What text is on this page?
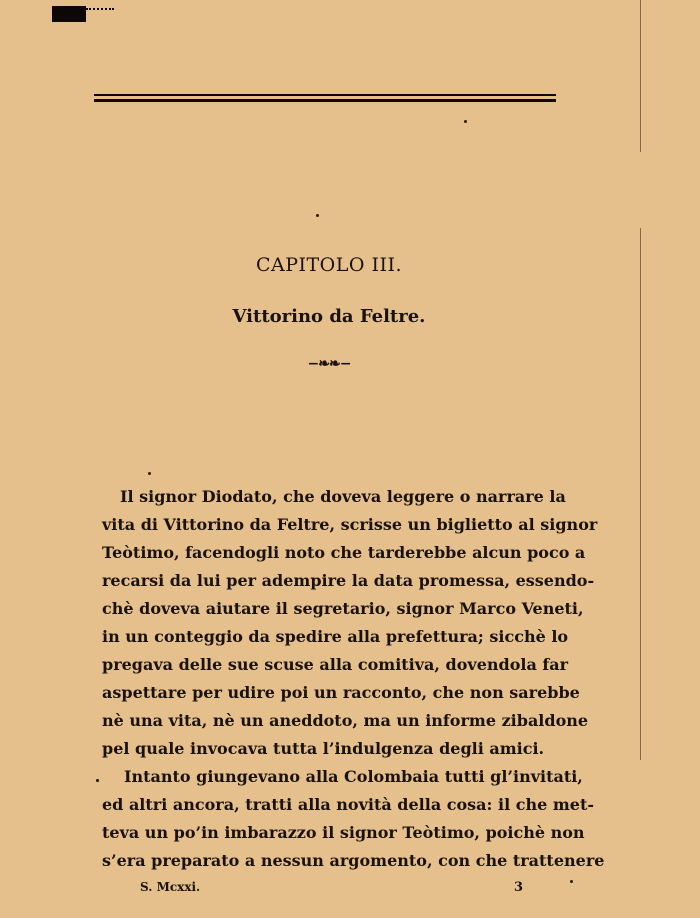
CAPITOLO III.
Vittorino da Feltre.
−❧❧−
Il signor Diodato, che doveva leggere o narrare la
vita di Vittorino da Feltre, scrisse un biglietto al signor
Teòtimo, facendogli noto che tarderebbe alcun poco a
recarsi da lui per adempire la data promessa, essendo-
chè doveva aiutare il segretario, signor Marco Veneti,
in un conteggio da spedire alla prefettura; sicchè lo
pregava delle sue scuse alla comitiva, dovendola far
aspettare per udire poi un racconto, che non sarebbe
nè una vita, nè un aneddoto, ma un informe zibaldone
pel quale invocava tutta l’indulgenza degli amici.
Intanto giungevano alla Colombaia tutti gl’invitati,
ed altri ancora, tratti alla novità della cosa: il che met-
teva un po’in imbarazzo il signor Teòtimo, poichè non
s’era preparato a nessun argomento, con che trattenere
S. Mcxxi.	3
